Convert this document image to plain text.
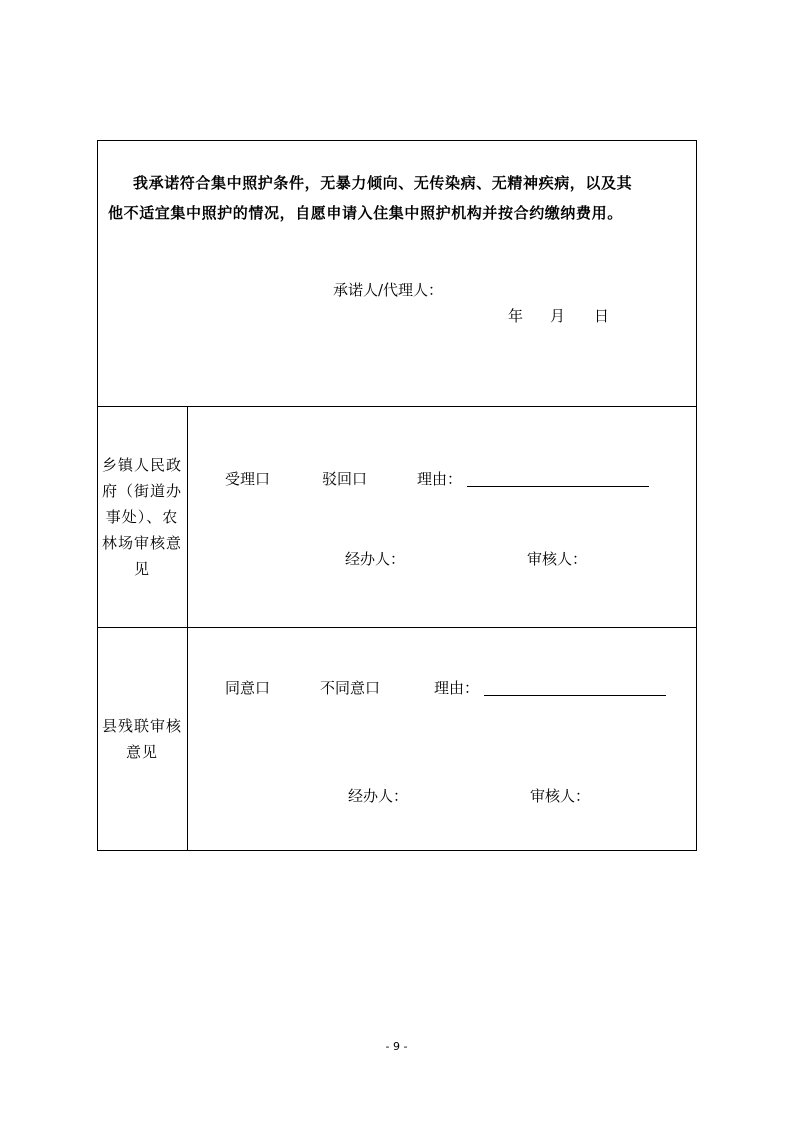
我承诺符合集中照护条件，无暴力倾向、无传染病、无精神疾病，以及其
他不适宜集中照护的情况，自愿申请入住集中照护机构并按合约缴纳费用。
承诺人/代理人：
年 月 日
乡镇人民政府（街道办事处）、农林场审核意见
受理口	驳回口	理由：
经办人：	审核人：
县残联审核意见
同意口	不同意口	理由：
经办人：	审核人：
- 9 -
